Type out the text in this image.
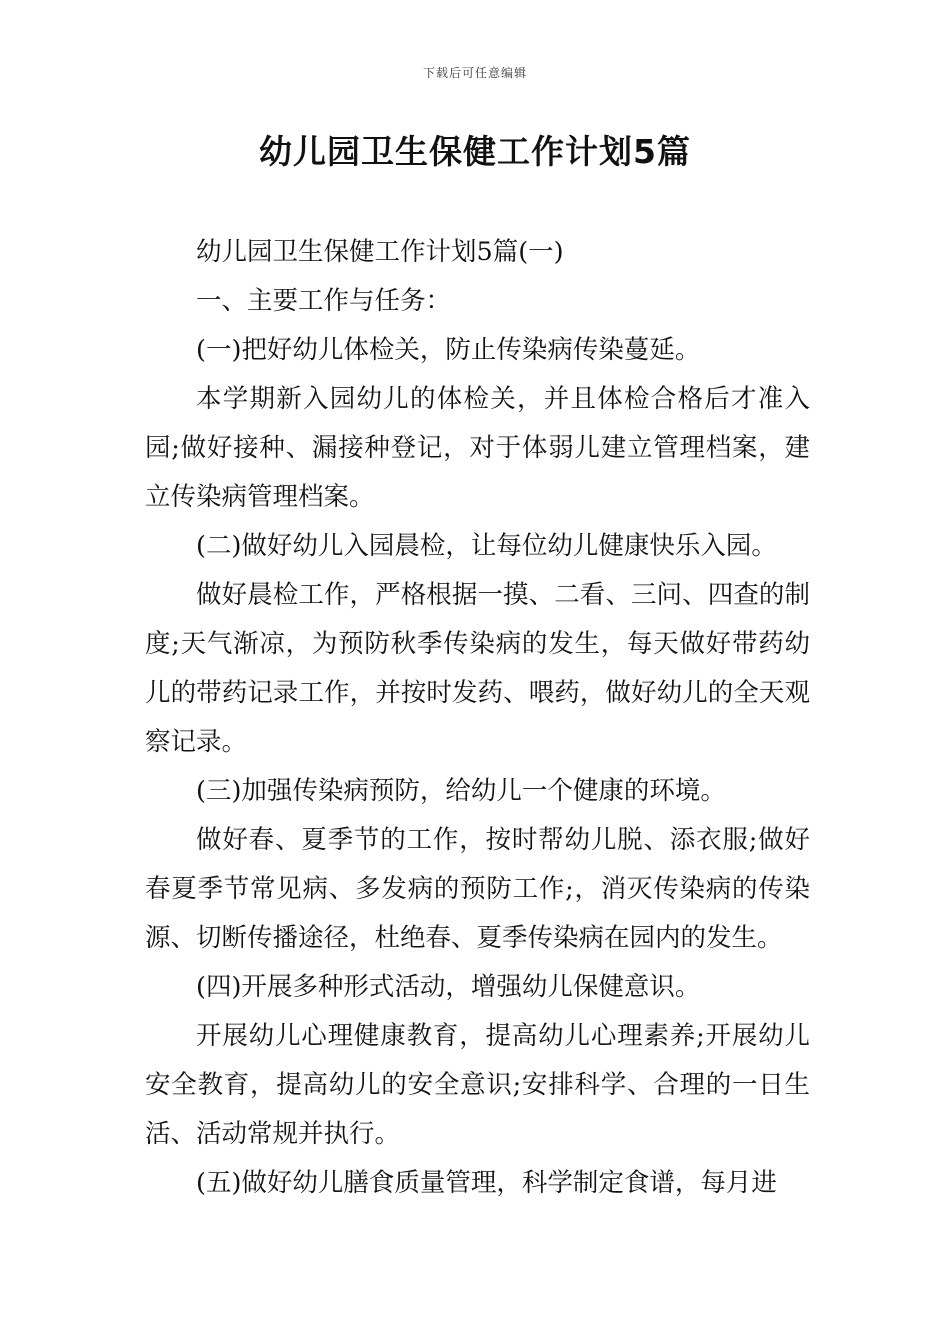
下载后可任意编辑
幼儿园卫生保健工作计划5篇

幼儿园卫生保健工作计划5篇(一)

一、主要工作与任务：

(一)把好幼儿体检关，防止传染病传染蔓延。

本学期新入园幼儿的体检关，并且体检合格后才准入园;做好接种、漏接种登记，对于体弱儿建立管理档案，建立传染病管理档案。

(二)做好幼儿入园晨检，让每位幼儿健康快乐入园。

做好晨检工作，严格根据一摸、二看、三问、四查的制度;天气渐凉，为预防秋季传染病的发生，每天做好带药幼儿的带药记录工作，并按时发药、喂药，做好幼儿的全天观察记录。

(三)加强传染病预防，给幼儿一个健康的环境。

做好春、夏季节的工作，按时帮幼儿脱、添衣服;做好春夏季节常见病、多发病的预防工作;，消灭传染病的传染源、切断传播途径，杜绝春、夏季传染病在园内的发生。

(四)开展多种形式活动，增强幼儿保健意识。

开展幼儿心理健康教育，提高幼儿心理素养;开展幼儿安全教育，提高幼儿的安全意识;安排科学、合理的一日生活、活动常规并执行。

(五)做好幼儿膳食质量管理，科学制定食谱，每月进
